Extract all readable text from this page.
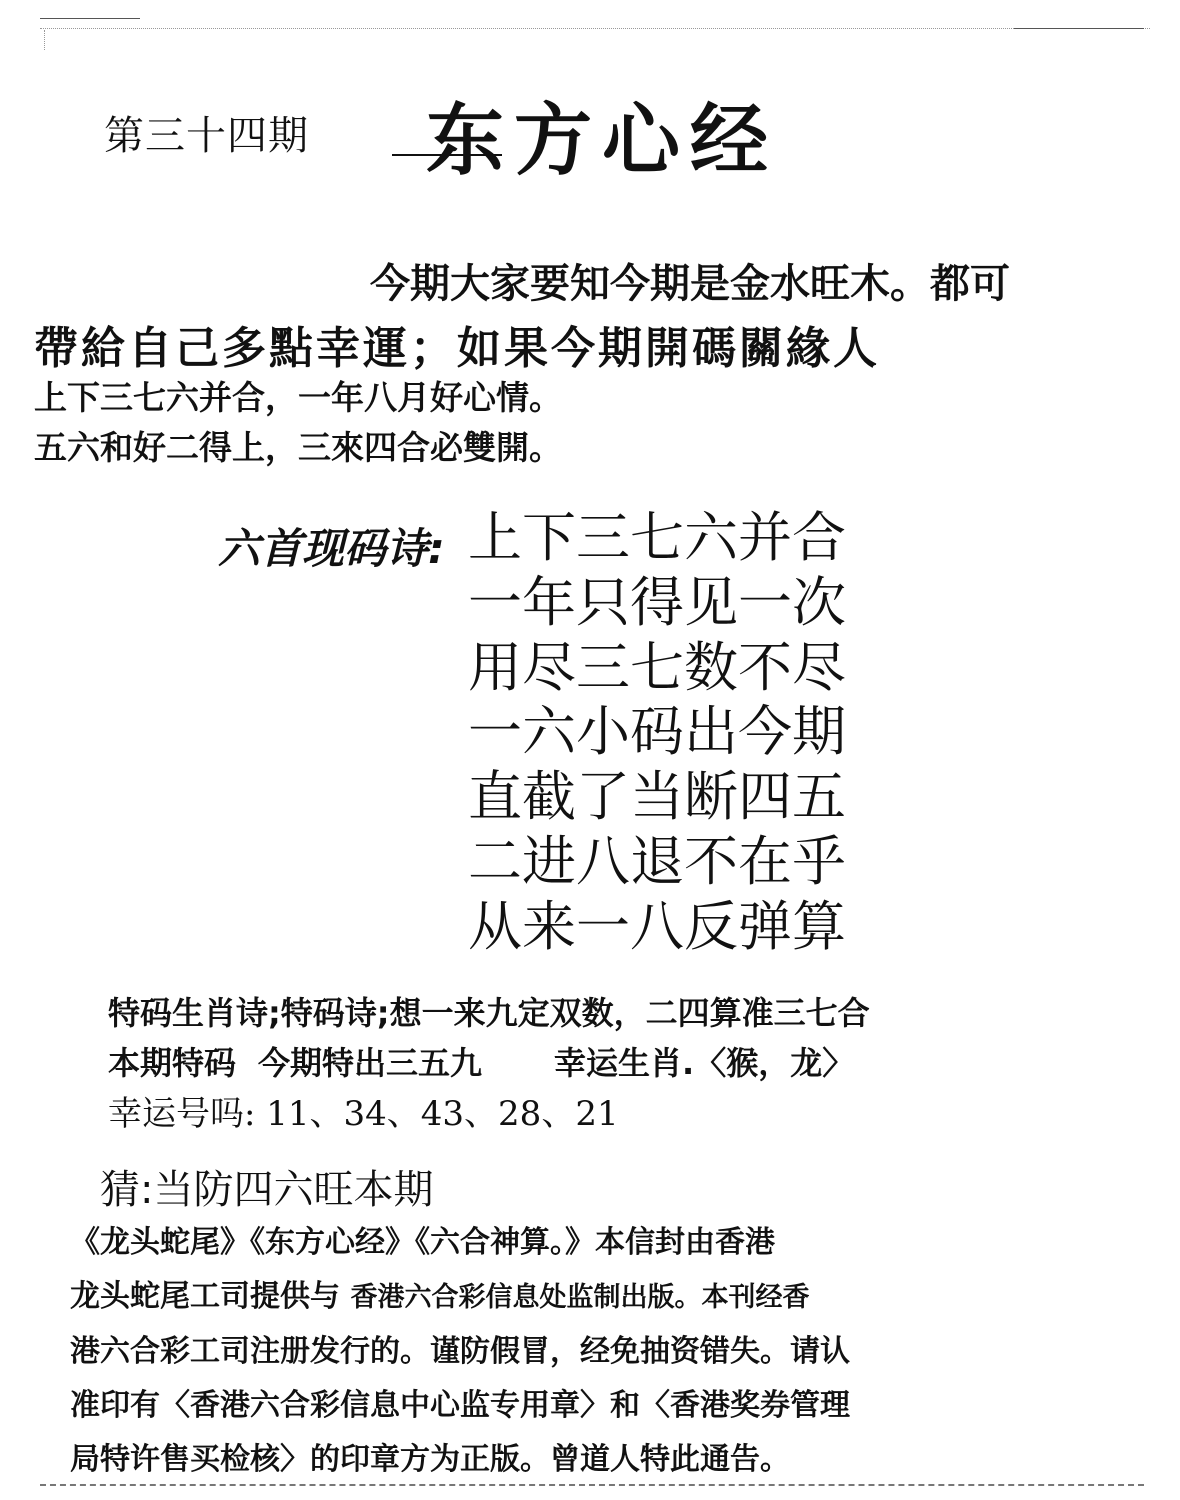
第三十四期 东方心经
今期大家要知今期是金水旺木。都可
帶給自己多點幸運；如果今期開碼關緣人
上下三七六并合，一年八月好心情。
五六和好二得上，三來四合必雙開。
六首现码诗: 上下三七六并合
一年只得见一次
用尽三七数不尽
一六小码出今期
直截了当断四五
二进八退不在乎
从来一八反弹算
特码生肖诗;特码诗;想一来九定双数，二四算准三七合
本期特码 今期特出三五九 幸运生肖.〈猴，龙〉
幸运号吗: 11、34、43、28、21
猜:当防四六旺本期
《龙头蛇尾》《东方心经》《六合神算。》本信封由香港
龙头蛇尾工司提供与 香港六合彩信息处监制出版。本刊经香
港六合彩工司注册发行的。谨防假冒，经免抽资错失。请认
准印有〈香港六合彩信息中心监专用章〉和〈香港奖券管理
局特许售买检核〉的印章方为正版。曾道人特此通告。
